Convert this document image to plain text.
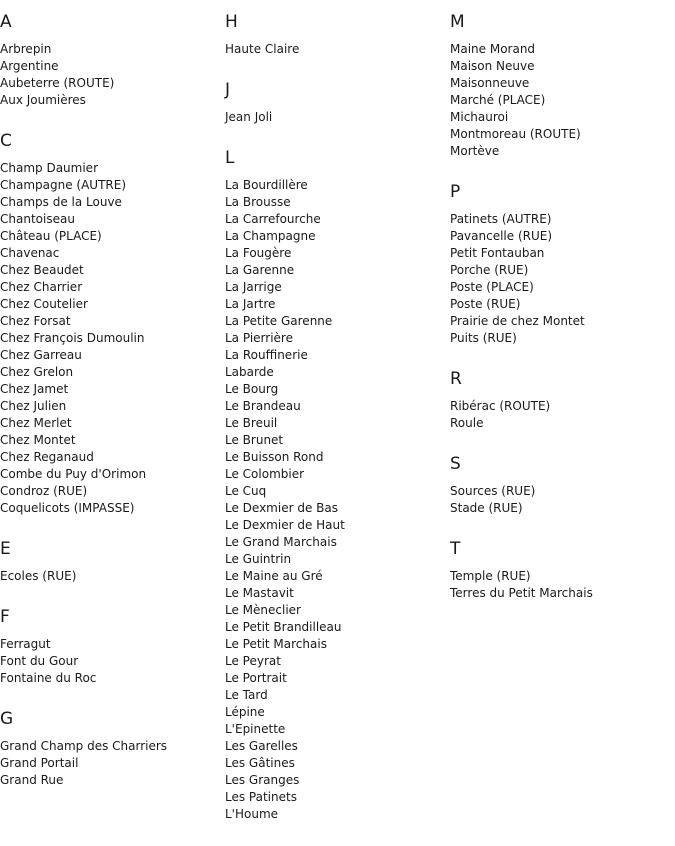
A
Arbrepin
Argentine
Aubeterre (ROUTE)
Aux Joumières
C
Champ Daumier
Champagne (AUTRE)
Champs de la Louve
Chantoiseau
Château (PLACE)
Chavenac
Chez Beaudet
Chez Charrier
Chez Coutelier
Chez Forsat
Chez François Dumoulin
Chez Garreau
Chez Grelon
Chez Jamet
Chez Julien
Chez Merlet
Chez Montet
Chez Reganaud
Combe du Puy d'Orimon
Condroz (RUE)
Coquelicots (IMPASSE)
E
Ecoles (RUE)
F
Ferragut
Font du Gour
Fontaine du Roc
G
Grand Champ des Charriers
Grand Portail
Grand Rue
H
Haute Claire
J
Jean Joli
L
La Bourdillère
La Brousse
La Carrefourche
La Champagne
La Fougère
La Garenne
La Jarrige
La Jartre
La Petite Garenne
La Pierrière
La Rouffinerie
Labarde
Le Bourg
Le Brandeau
Le Breuil
Le Brunet
Le Buisson Rond
Le Colombier
Le Cuq
Le Dexmier de Bas
Le Dexmier de Haut
Le Grand Marchais
Le Guintrin
Le Maine au Gré
Le Mastavit
Le Mèneclier
Le Petit Brandilleau
Le Petit Marchais
Le Peyrat
Le Portrait
Le Tard
Lépine
L'Epinette
Les Garelles
Les Gâtines
Les Granges
Les Patinets
L'Houme
M
Maine Morand
Maison Neuve
Maisonneuve
Marché (PLACE)
Michauroi
Montmoreau (ROUTE)
Mortève
P
Patinets (AUTRE)
Pavancelle (RUE)
Petit Fontauban
Porche (RUE)
Poste (PLACE)
Poste (RUE)
Prairie de chez Montet
Puits (RUE)
R
Ribérac (ROUTE)
Roule
S
Sources (RUE)
Stade (RUE)
T
Temple (RUE)
Terres du Petit Marchais
